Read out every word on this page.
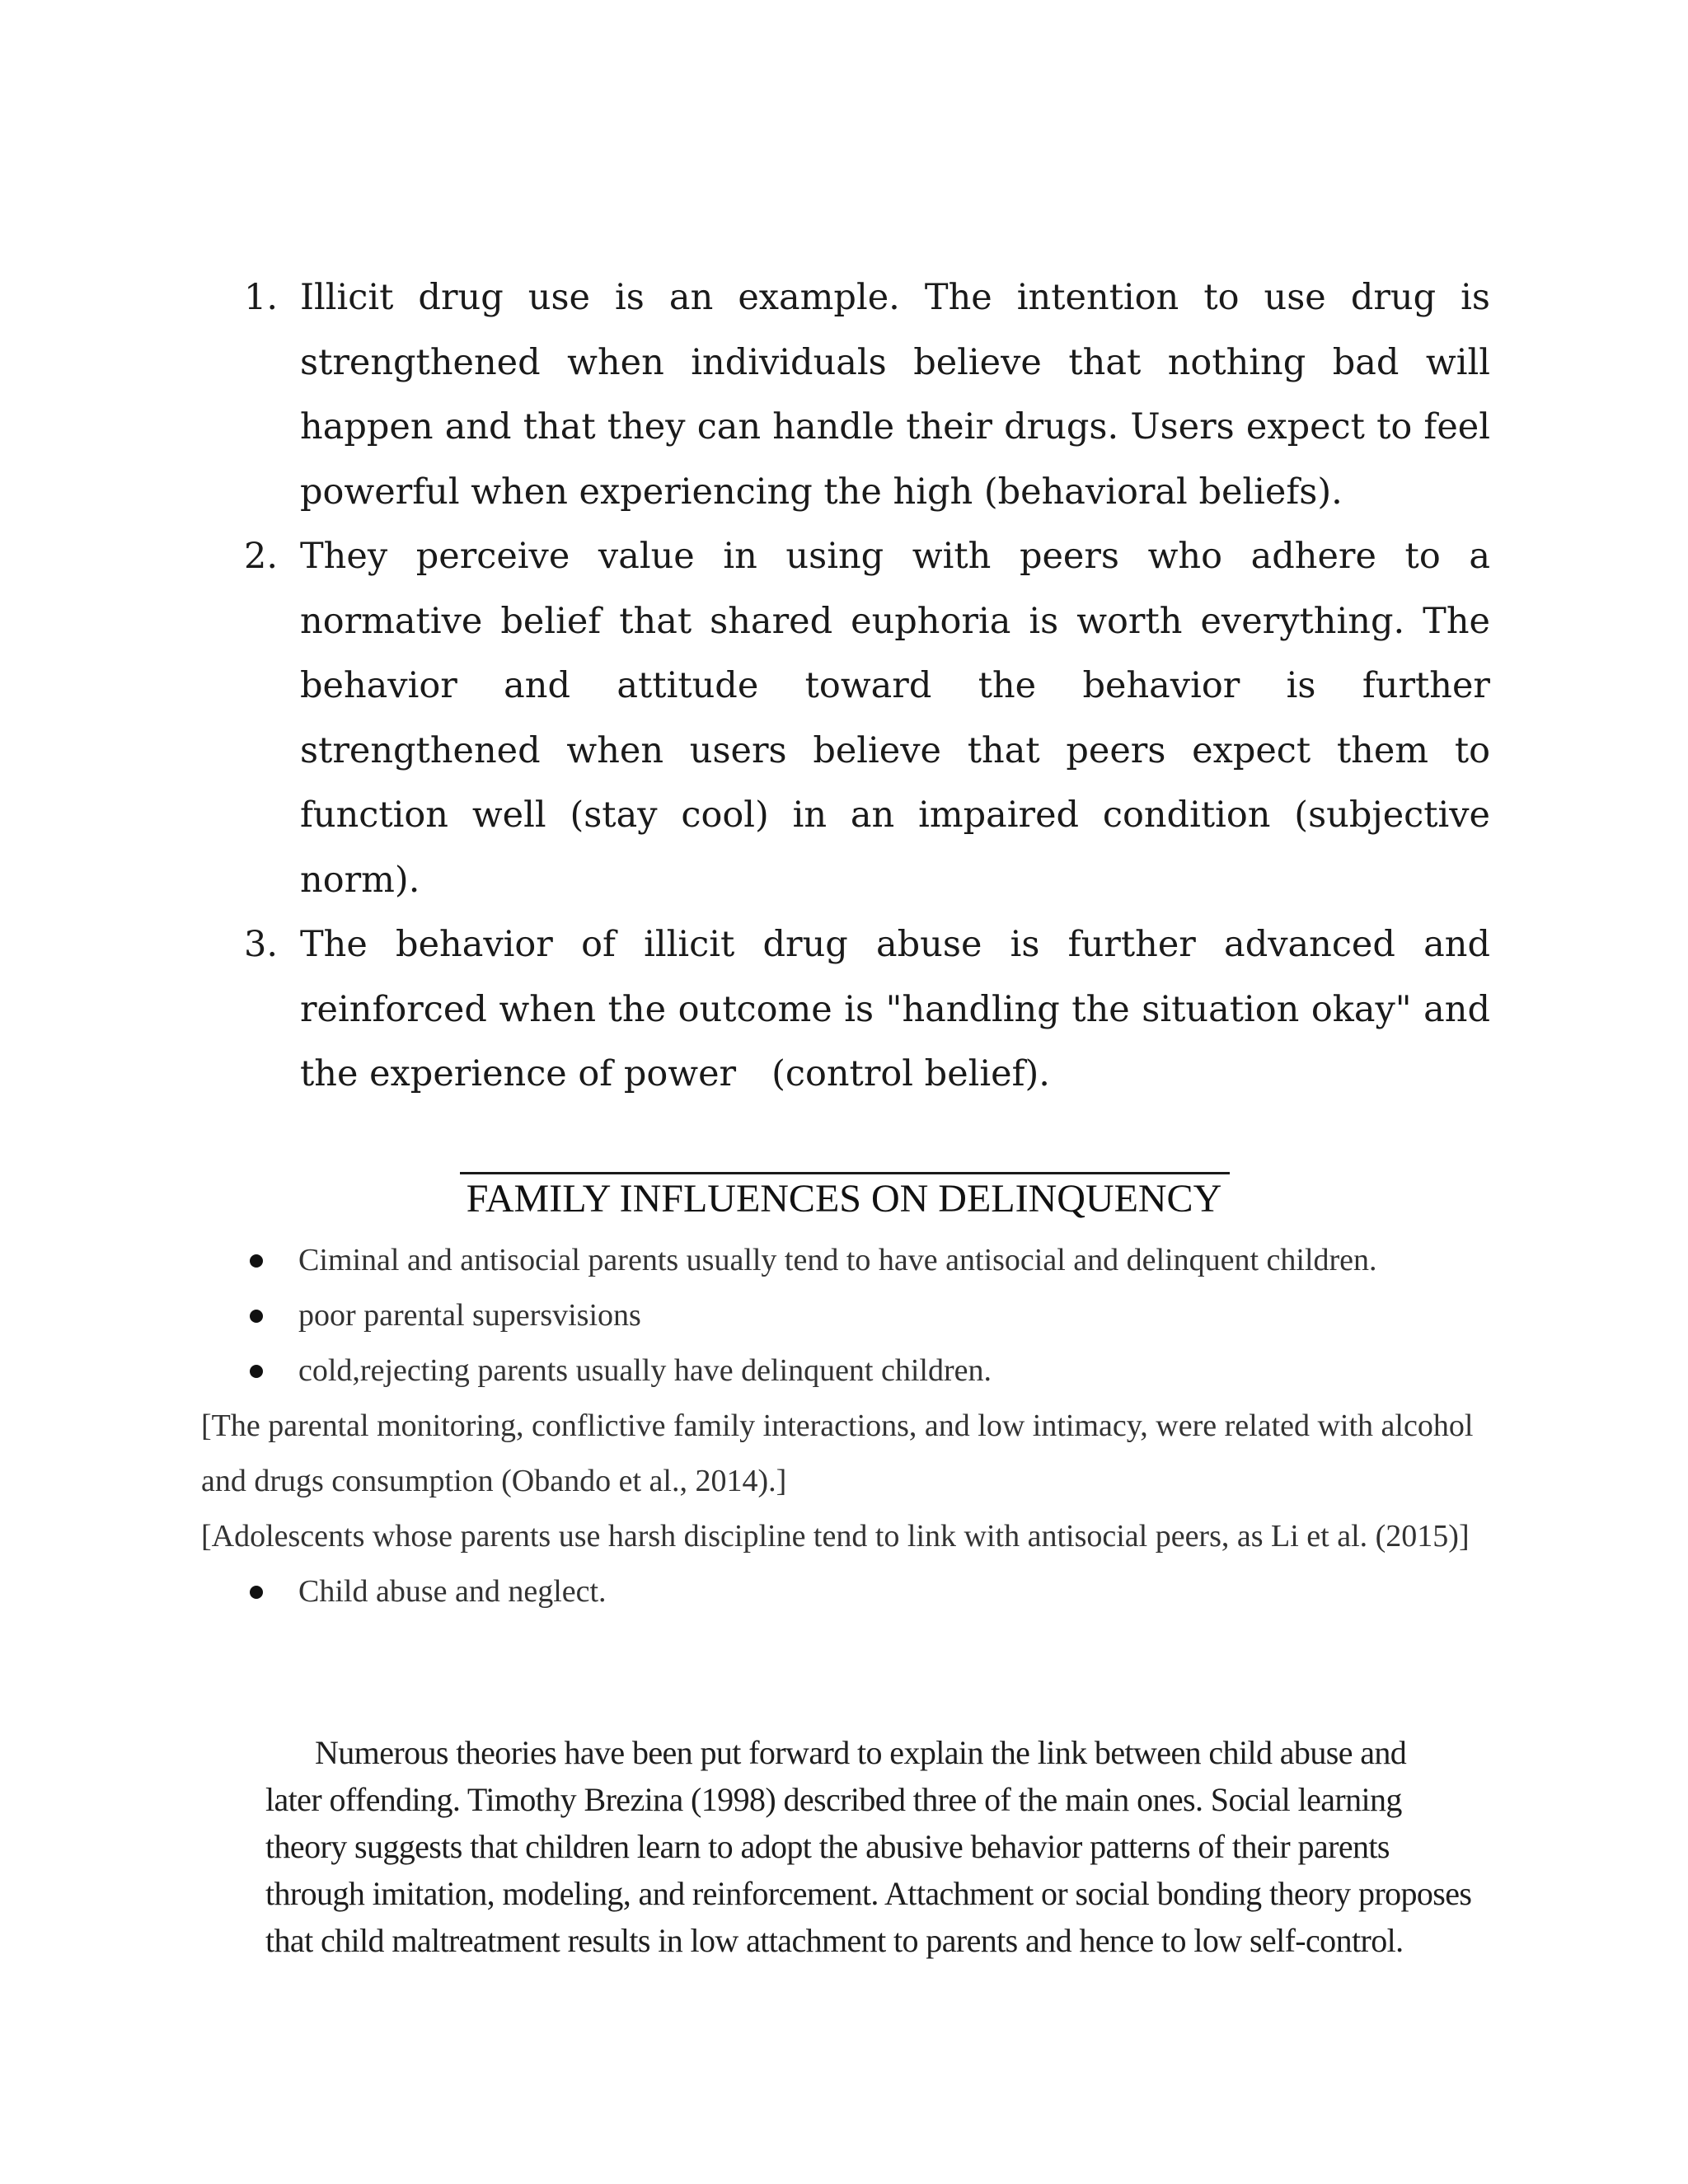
1. Illicit drug use is an example. The intention to use drug is strengthened when individuals believe that nothing bad will happen and that they can handle their drugs. Users expect to feel powerful when experiencing the high (behavioral beliefs).
2. They perceive value in using with peers who adhere to a normative belief that shared euphoria is worth everything. The behavior and attitude toward the behavior is further strengthened when users believe that peers expect them to function well (stay cool) in an impaired condition (subjective norm).
3. The behavior of illicit drug abuse is further advanced and reinforced when the outcome is "handling the situation okay" and the experience of power　(control belief).
FAMILY INFLUENCES ON DELINQUENCY
Ciminal and antisocial parents usually tend to have antisocial and delinquent children.
poor parental supersvisions
cold,rejecting parents usually have delinquent children.

[The parental monitoring, conflictive family interactions, and low intimacy, were related with alcohol and drugs consumption (Obando et al., 2014).]

[Adolescents whose parents use harsh discipline tend to link with antisocial peers, as Li et al. (2015)]

Child abuse and neglect.
Numerous theories have been put forward to explain the link between child abuse and
later offending. Timothy Brezina (1998) described three of the main ones. Social learning
theory suggests that children learn to adopt the abusive behavior patterns of their parents
through imitation, modeling, and reinforcement. Attachment or social bonding theory proposes
that child maltreatment results in low attachment to parents and hence to low self-control.
